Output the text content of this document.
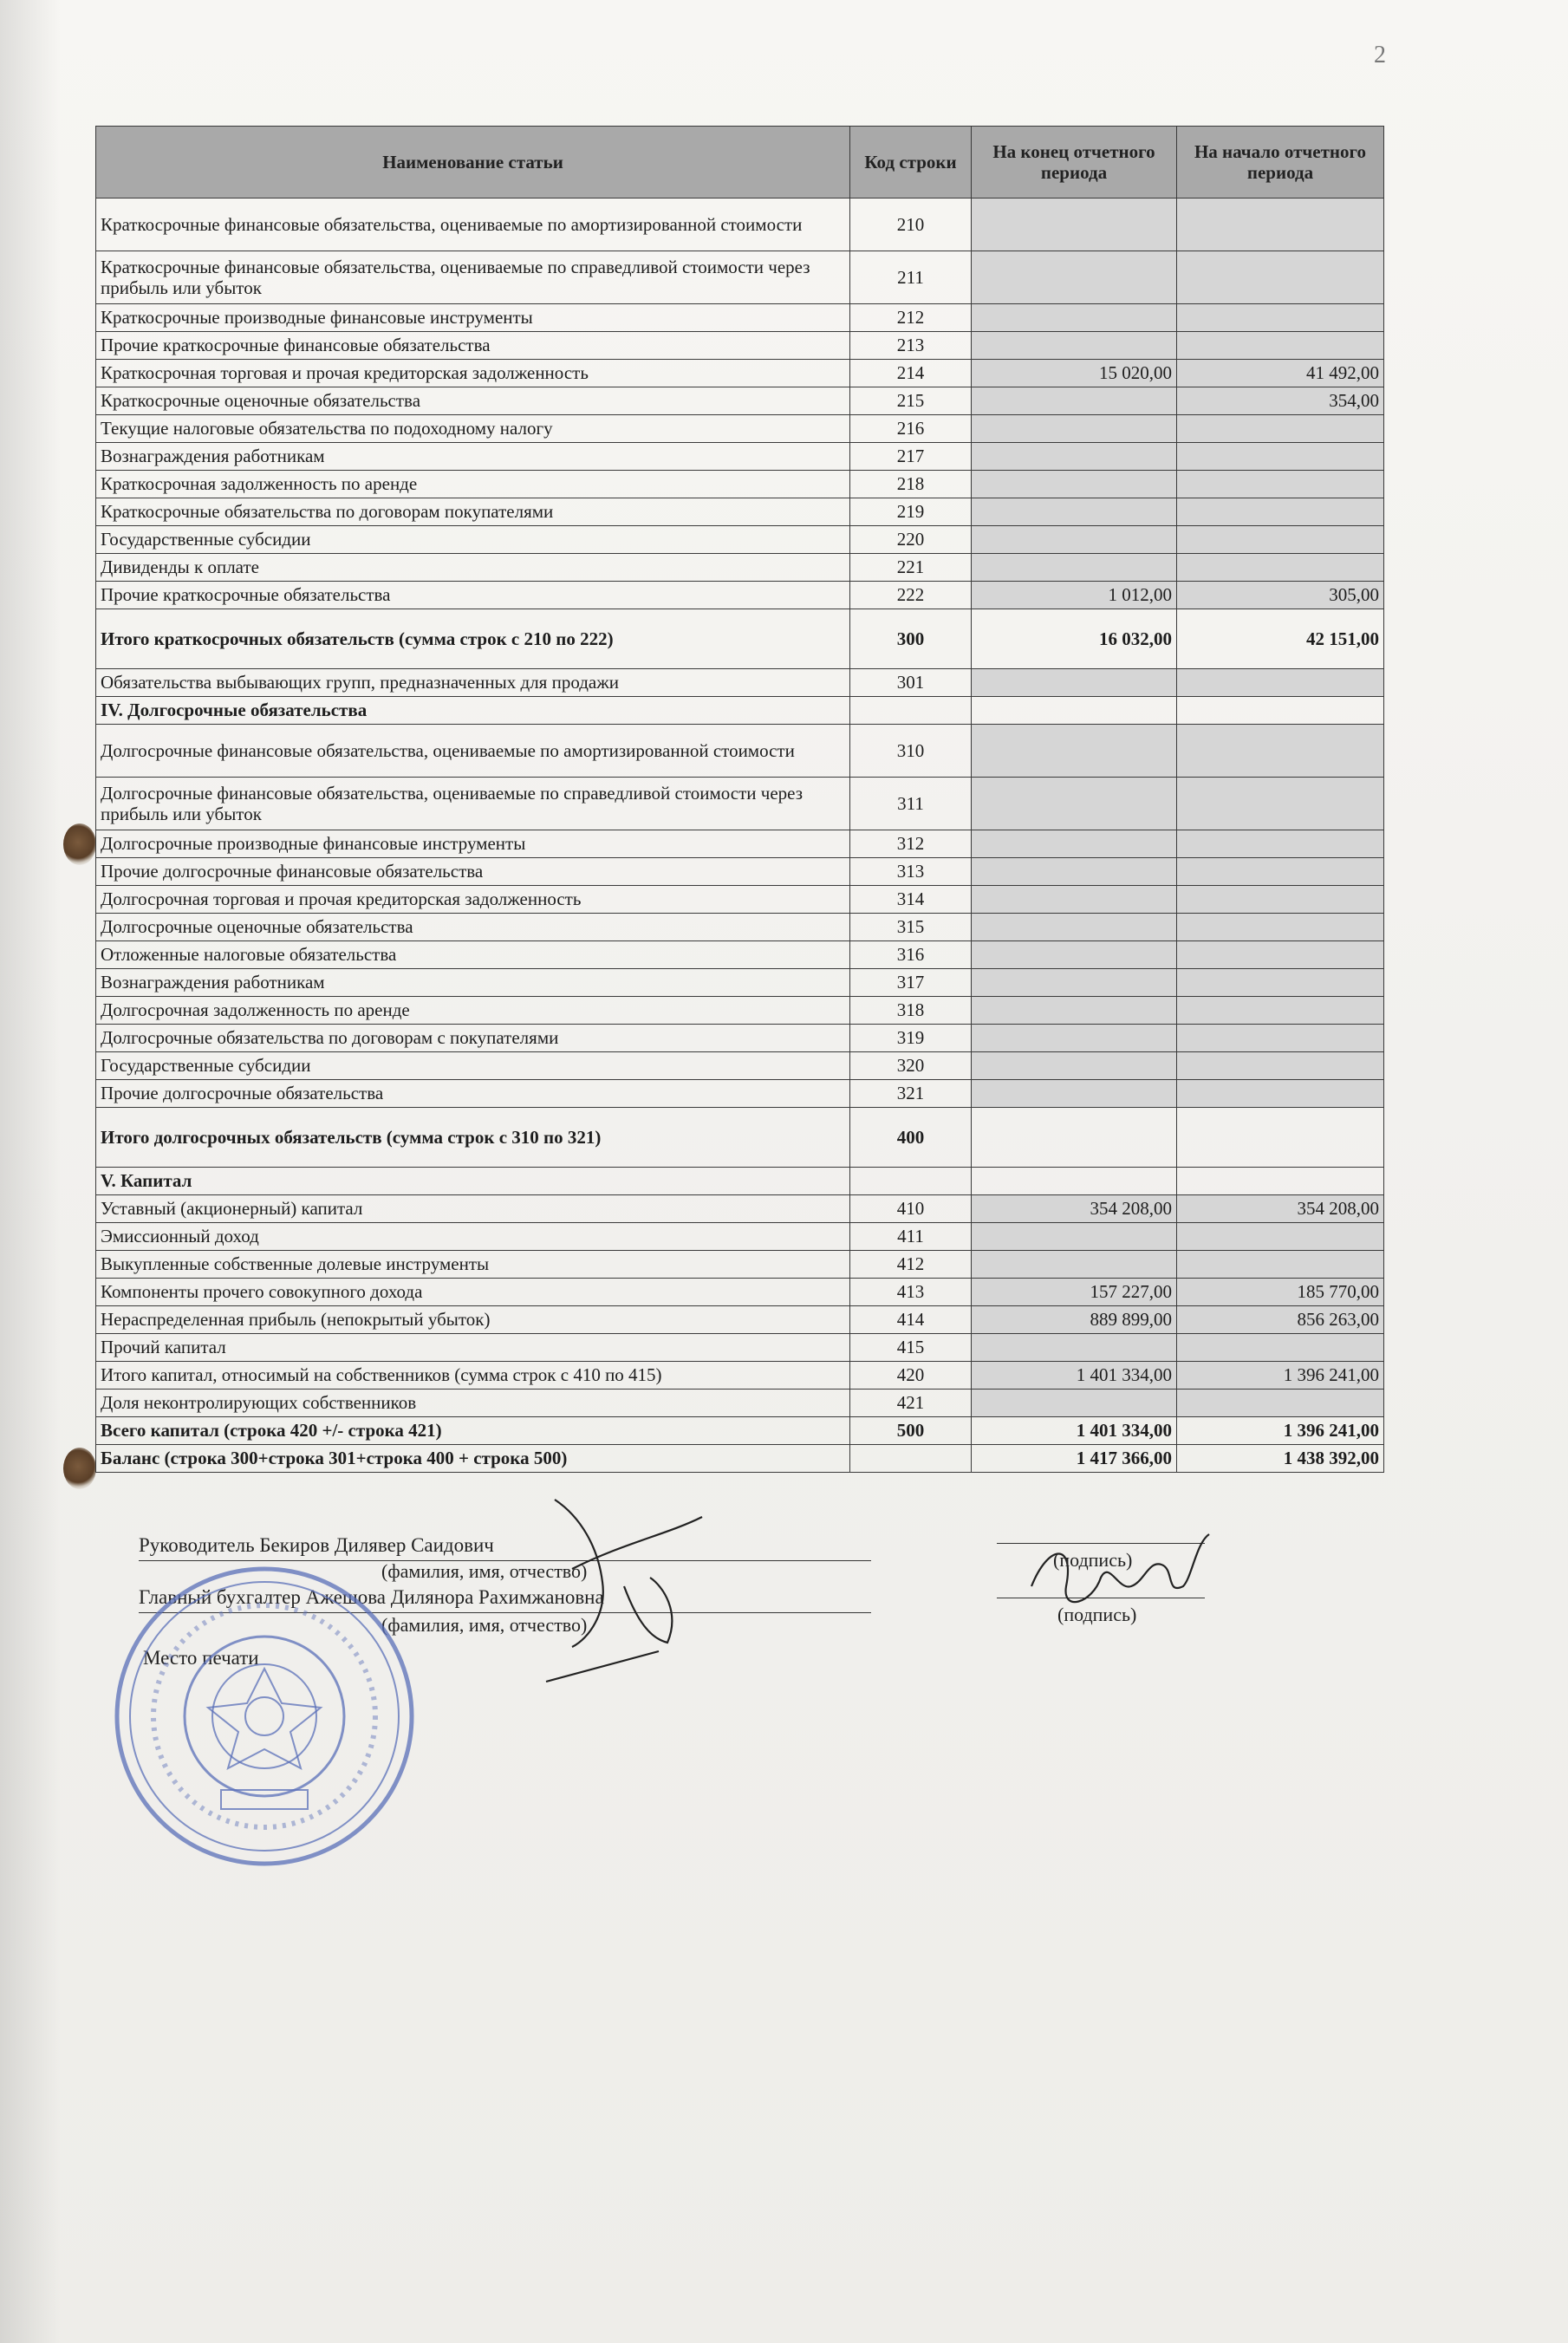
2
Наименование статьи	Код строки	На конец отчетного периода	На начало отчетного периода
Краткосрочные финансовые обязательства, оцениваемые по амортизированной стоимости	210		
Краткосрочные финансовые обязательства, оцениваемые по справедливой стоимости через прибыль или убыток	211		
Краткосрочные производные финансовые инструменты	212		
Прочие краткосрочные финансовые обязательства	213		
Краткосрочная торговая и прочая кредиторская задолженность	214	15 020,00	41 492,00
Краткосрочные оценочные обязательства	215		354,00
Текущие налоговые обязательства по подоходному налогу	216		
Вознаграждения работникам	217		
Краткосрочная задолженность по аренде	218		
Краткосрочные обязательства по договорам покупателями	219		
Государственные субсидии	220		
Дивиденды к оплате	221		
Прочие краткосрочные обязательства	222	1 012,00	305,00
Итого краткосрочных обязательств (сумма строк с 210 по 222)	300	16 032,00	42 151,00
Обязательства выбывающих групп, предназначенных для продажи	301		
IV. Долгосрочные обязательства			
Долгосрочные финансовые обязательства, оцениваемые по амортизированной стоимости	310		
Долгосрочные финансовые обязательства, оцениваемые по справедливой стоимости через прибыль или убыток	311		
Долгосрочные производные финансовые инструменты	312		
Прочие долгосрочные финансовые обязательства	313		
Долгосрочная торговая и прочая кредиторская задолженность	314		
Долгосрочные оценочные обязательства	315		
Отложенные налоговые обязательства	316		
Вознаграждения работникам	317		
Долгосрочная задолженность по аренде	318		
Долгосрочные обязательства по договорам с покупателями	319		
Государственные субсидии	320		
Прочие долгосрочные обязательства	321		
Итого долгосрочных обязательств (сумма строк с 310 по 321)	400		
V. Капитал			
Уставный (акционерный) капитал	410	354 208,00	354 208,00
Эмиссионный доход	411		
Выкупленные собственные долевые инструменты	412		
Компоненты прочего совокупного дохода	413	157 227,00	185 770,00
Нераспределенная прибыль (непокрытый убыток)	414	889 899,00	856 263,00
Прочий капитал	415		
Итого капитал, относимый на собственников (сумма строк с 410 по 415)	420	1 401 334,00	1 396 241,00
Доля неконтролирующих собственников	421		
Всего капитал (строка 420 +/- строка 421)	500	1 401 334,00	1 396 241,00
Баланс (строка 300+строка 301+строка 400 + строка 500)		1 417 366,00	1 438 392,00
Руководитель Бекиров Дилявер Саидович
(фамилия, имя, отчество)
(подпись)
Главный бухгалтер Ажешова Дилянора Рахимжановна
(фамилия, имя, отчество)	(подпись)
Место печати
